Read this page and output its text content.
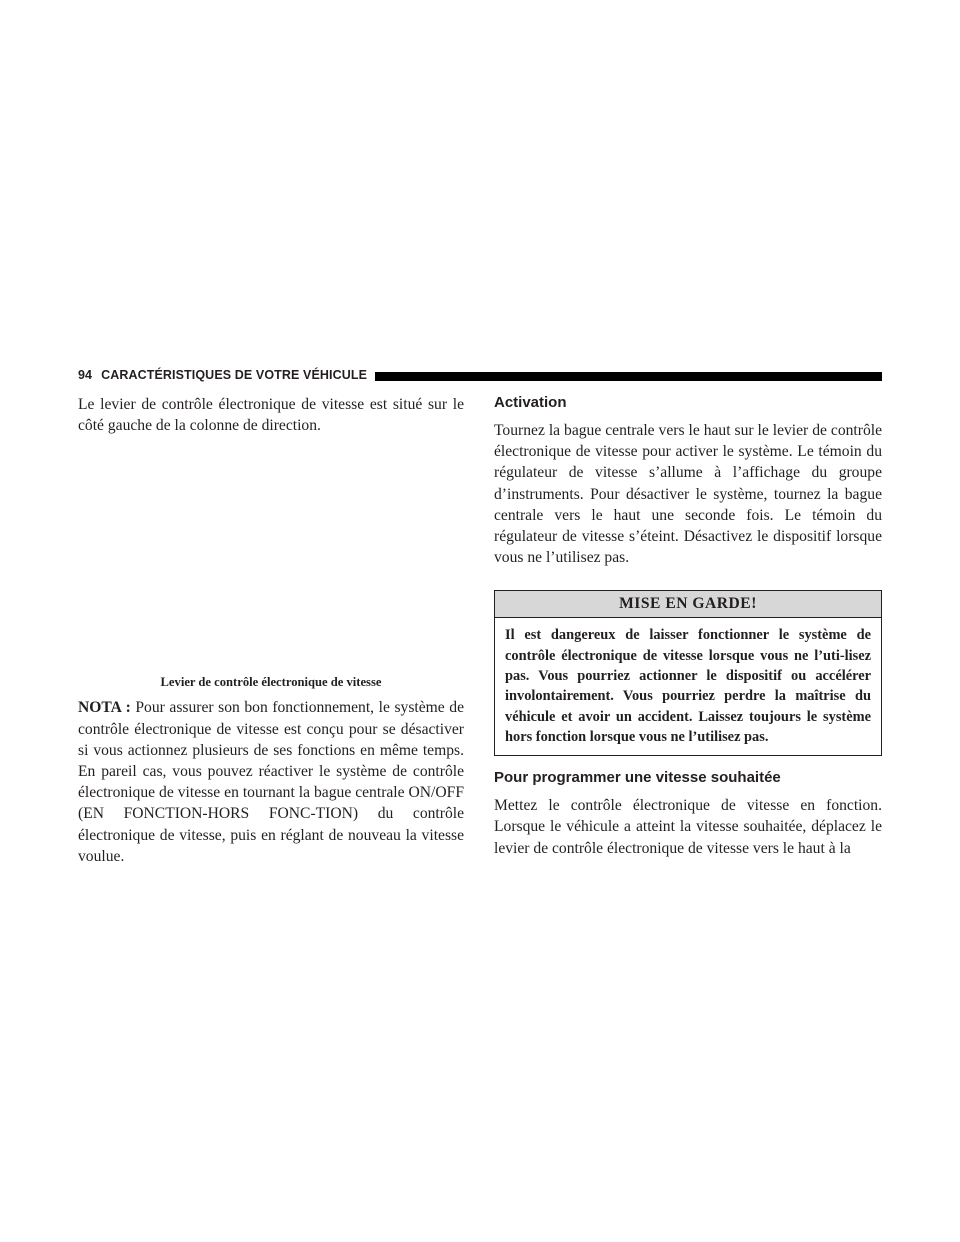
94 CARACTÉRISTIQUES DE VOTRE VÉHICULE

Le levier de contrôle électronique de vitesse est situé sur le côté gauche de la colonne de direction.

Levier de contrôle électronique de vitesse

NOTA : Pour assurer son bon fonctionnement, le système de contrôle électronique de vitesse est conçu pour se désactiver si vous actionnez plusieurs de ses fonctions en même temps. En pareil cas, vous pouvez réactiver le système de contrôle électronique de vitesse en tournant la bague centrale ON/OFF (EN FONCTION-HORS FONC-TION) du contrôle électronique de vitesse, puis en réglant de nouveau la vitesse voulue.

Activation

Tournez la bague centrale vers le haut sur le levier de contrôle électronique de vitesse pour activer le système. Le témoin du régulateur de vitesse s’allume à l’affichage du groupe d’instruments. Pour désactiver le système, tournez la bague centrale vers le haut une seconde fois. Le témoin du régulateur de vitesse s’éteint. Désactivez le dispositif lorsque vous ne l’utilisez pas.

MISE EN GARDE!

Il est dangereux de laisser fonctionner le système de contrôle électronique de vitesse lorsque vous ne l’uti-lisez pas. Vous pourriez actionner le dispositif ou accélérer involontairement. Vous pourriez perdre la maîtrise du véhicule et avoir un accident. Laissez toujours le système hors fonction lorsque vous ne l’utilisez pas.

Pour programmer une vitesse souhaitée

Mettez le contrôle électronique de vitesse en fonction. Lorsque le véhicule a atteint la vitesse souhaitée, déplacez le levier de contrôle électronique de vitesse vers le haut à la
